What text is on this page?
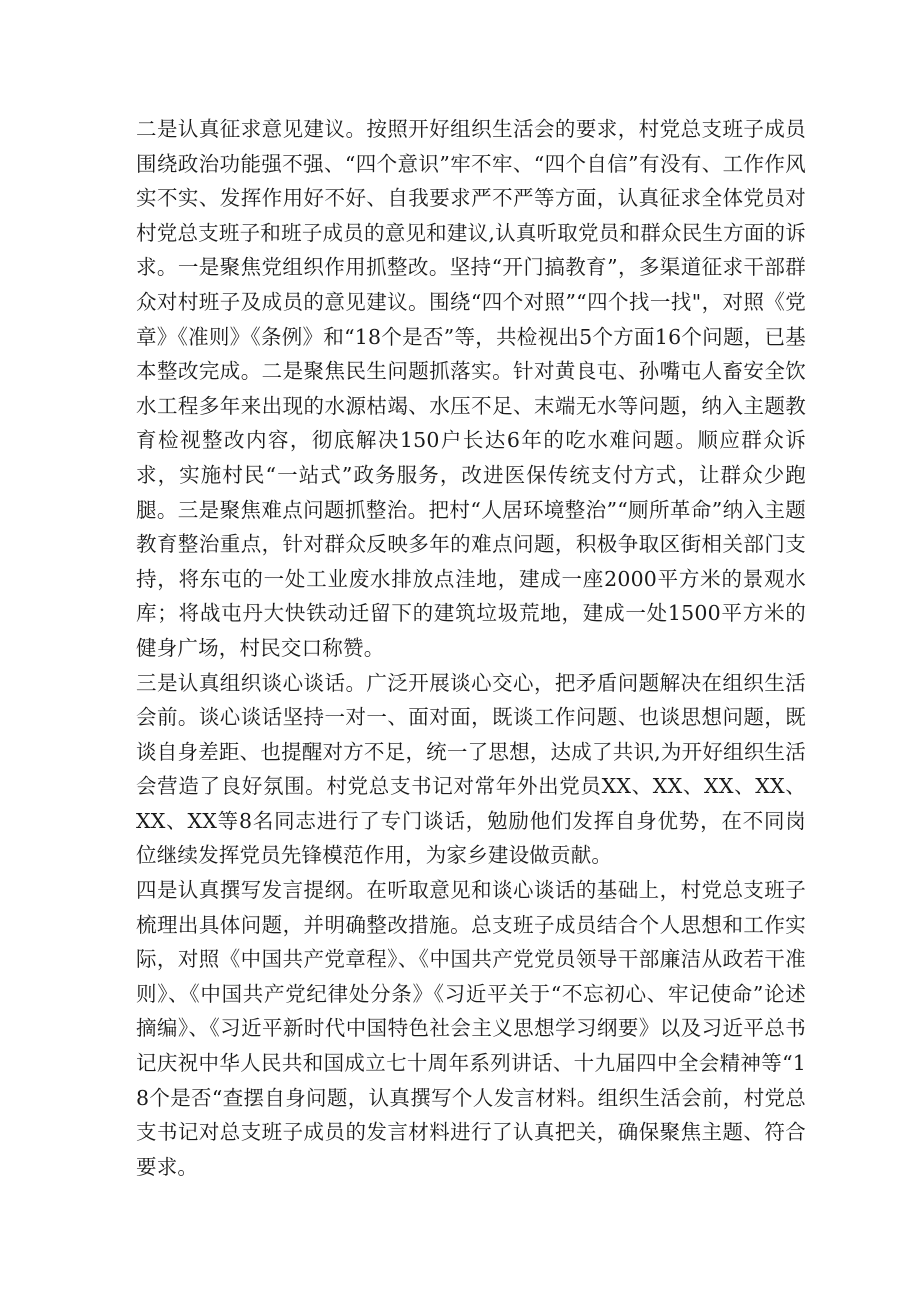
二是认真征求意见建议。按照开好组织生活会的要求，村党总支班子成员围绕政治功能强不强、“四个意识”牢不牢、“四个自信”有没有、工作作风实不实、发挥作用好不好、自我要求严不严等方面，认真征求全体党员对村党总支班子和班子成员的意见和建议,认真听取党员和群众民生方面的诉求。一是聚焦党组织作用抓整改。坚持“开门搞教育”，多渠道征求干部群众对村班子及成员的意见建议。围绕“四个对照”“四个找一找"，对照《党章》《准则》《条例》和“18个是否”等，共检视出5个方面16个问题，已基本整改完成。二是聚焦民生问题抓落实。针对黄良屯、孙嘴屯人畜安全饮水工程多年来出现的水源枯竭、水压不足、末端无水等问题，纳入主题教育检视整改内容，彻底解决150户长达6年的吃水难问题。顺应群众诉求，实施村民“一站式”政务服务，改进医保传统支付方式，让群众少跑腿。三是聚焦难点问题抓整治。把村“人居环境整治”“厕所革命”纳入主题教育整治重点，针对群众反映多年的难点问题，积极争取区街相关部门支持，将东屯的一处工业废水排放点洼地，建成一座2000平方米的景观水库；将战屯丹大快铁动迁留下的建筑垃圾荒地，建成一处1500平方米的健身广场，村民交口称赞。

三是认真组织谈心谈话。广泛开展谈心交心，把矛盾问题解决在组织生活会前。谈心谈话坚持一对一、面对面，既谈工作问题、也谈思想问题，既谈自身差距、也提醒对方不足，统一了思想，达成了共识,为开好组织生活会营造了良好氛围。村党总支书记对常年外出党员XX、XX、XX、XX、XX、XX等8名同志进行了专门谈话，勉励他们发挥自身优势，在不同岗位继续发挥党员先锋模范作用，为家乡建设做贡献。

四是认真撰写发言提纲。在听取意见和谈心谈话的基础上，村党总支班子梳理出具体问题，并明确整改措施。总支班子成员结合个人思想和工作实际，对照《中国共产党章程》、《中国共产党党员领导干部廉洁从政若干准则》、《中国共产党纪律处分条》《习近平关于“不忘初心、牢记使命”论述摘编》、《习近平新时代中国特色社会主义思想学习纲要》以及习近平总书记庆祝中华人民共和国成立七十周年系列讲话、十九届四中全会精神等“18个是否“查摆自身问题，认真撰写个人发言材料。组织生活会前，村党总支书记对总支班子成员的发言材料进行了认真把关，确保聚焦主题、符合要求。
